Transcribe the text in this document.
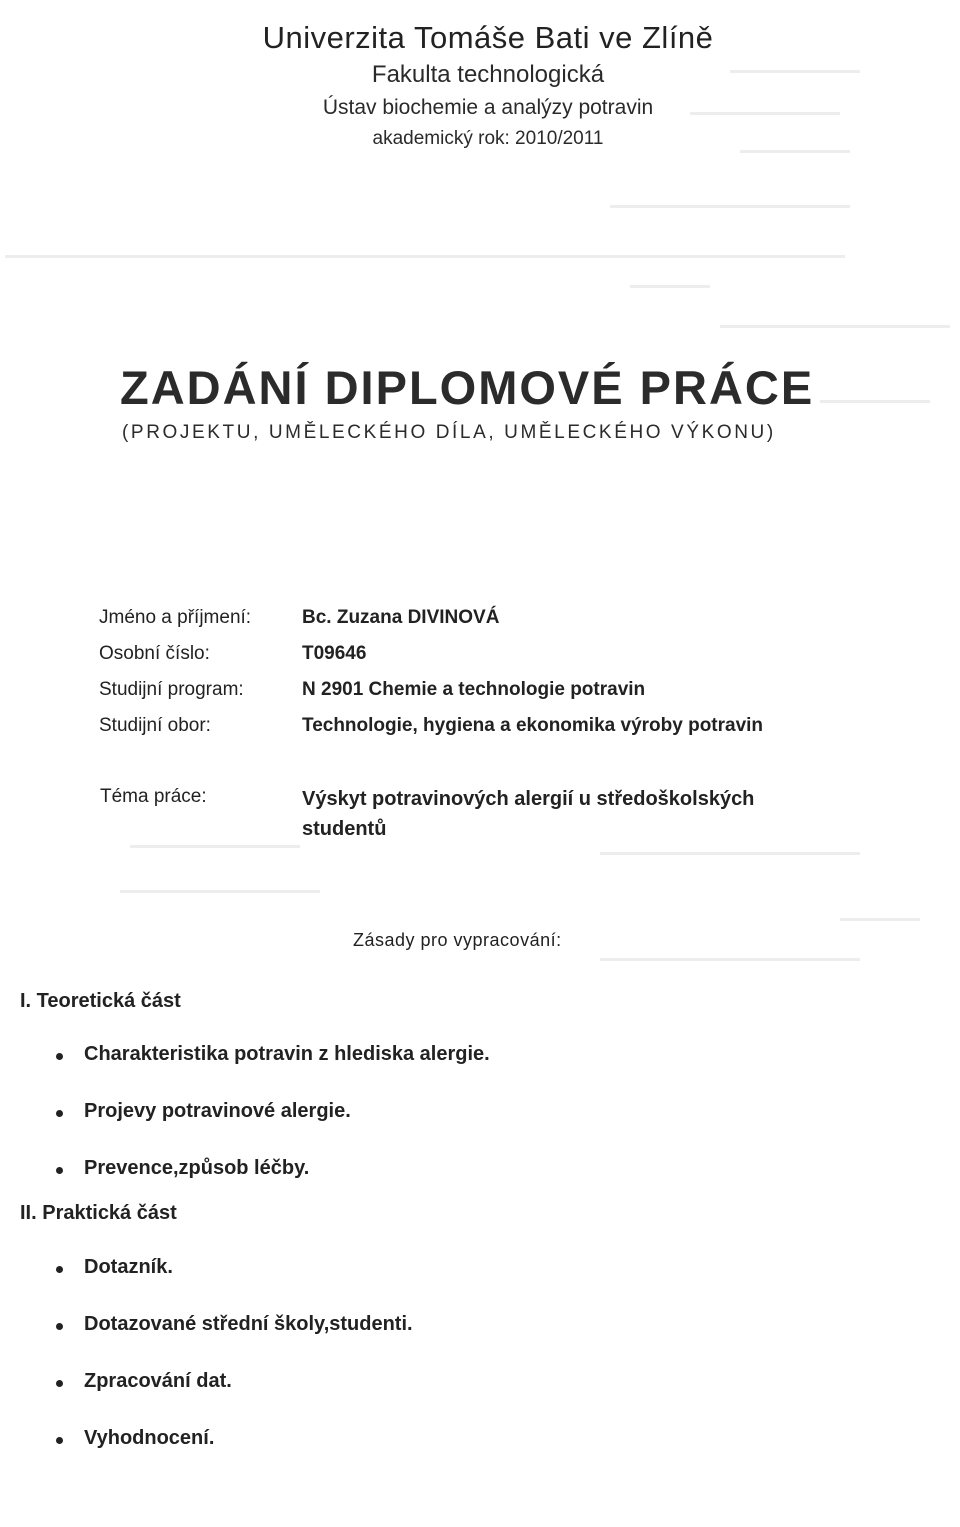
Univerzita Tomáše Bati ve Zlíně
Fakulta technologická
Ústav biochemie a analýzy potravin
akademický rok: 2010/2011
ZADÁNÍ DIPLOMOVÉ PRÁCE
(PROJEKTU, UMĚLECKÉHO DÍLA, UMĚLECKÉHO VÝKONU)
Jméno a příjmení:	Bc. Zuzana DIVINOVÁ
Osobní číslo:	T09646
Studijní program:	N 2901 Chemie a technologie potravin
Studijní obor:	Technologie, hygiena a ekonomika výroby potravin
Téma práce:	Výskyt potravinových alergií u středoškolských studentů
Zásady pro vypracování:
I. Teoretická část
Charakteristika potravin z hlediska alergie.
Projevy potravinové alergie.
Prevence,způsob léčby.
II. Praktická část
Dotazník.
Dotazované střední školy,studenti.
Zpracování dat.
Vyhodnocení.
